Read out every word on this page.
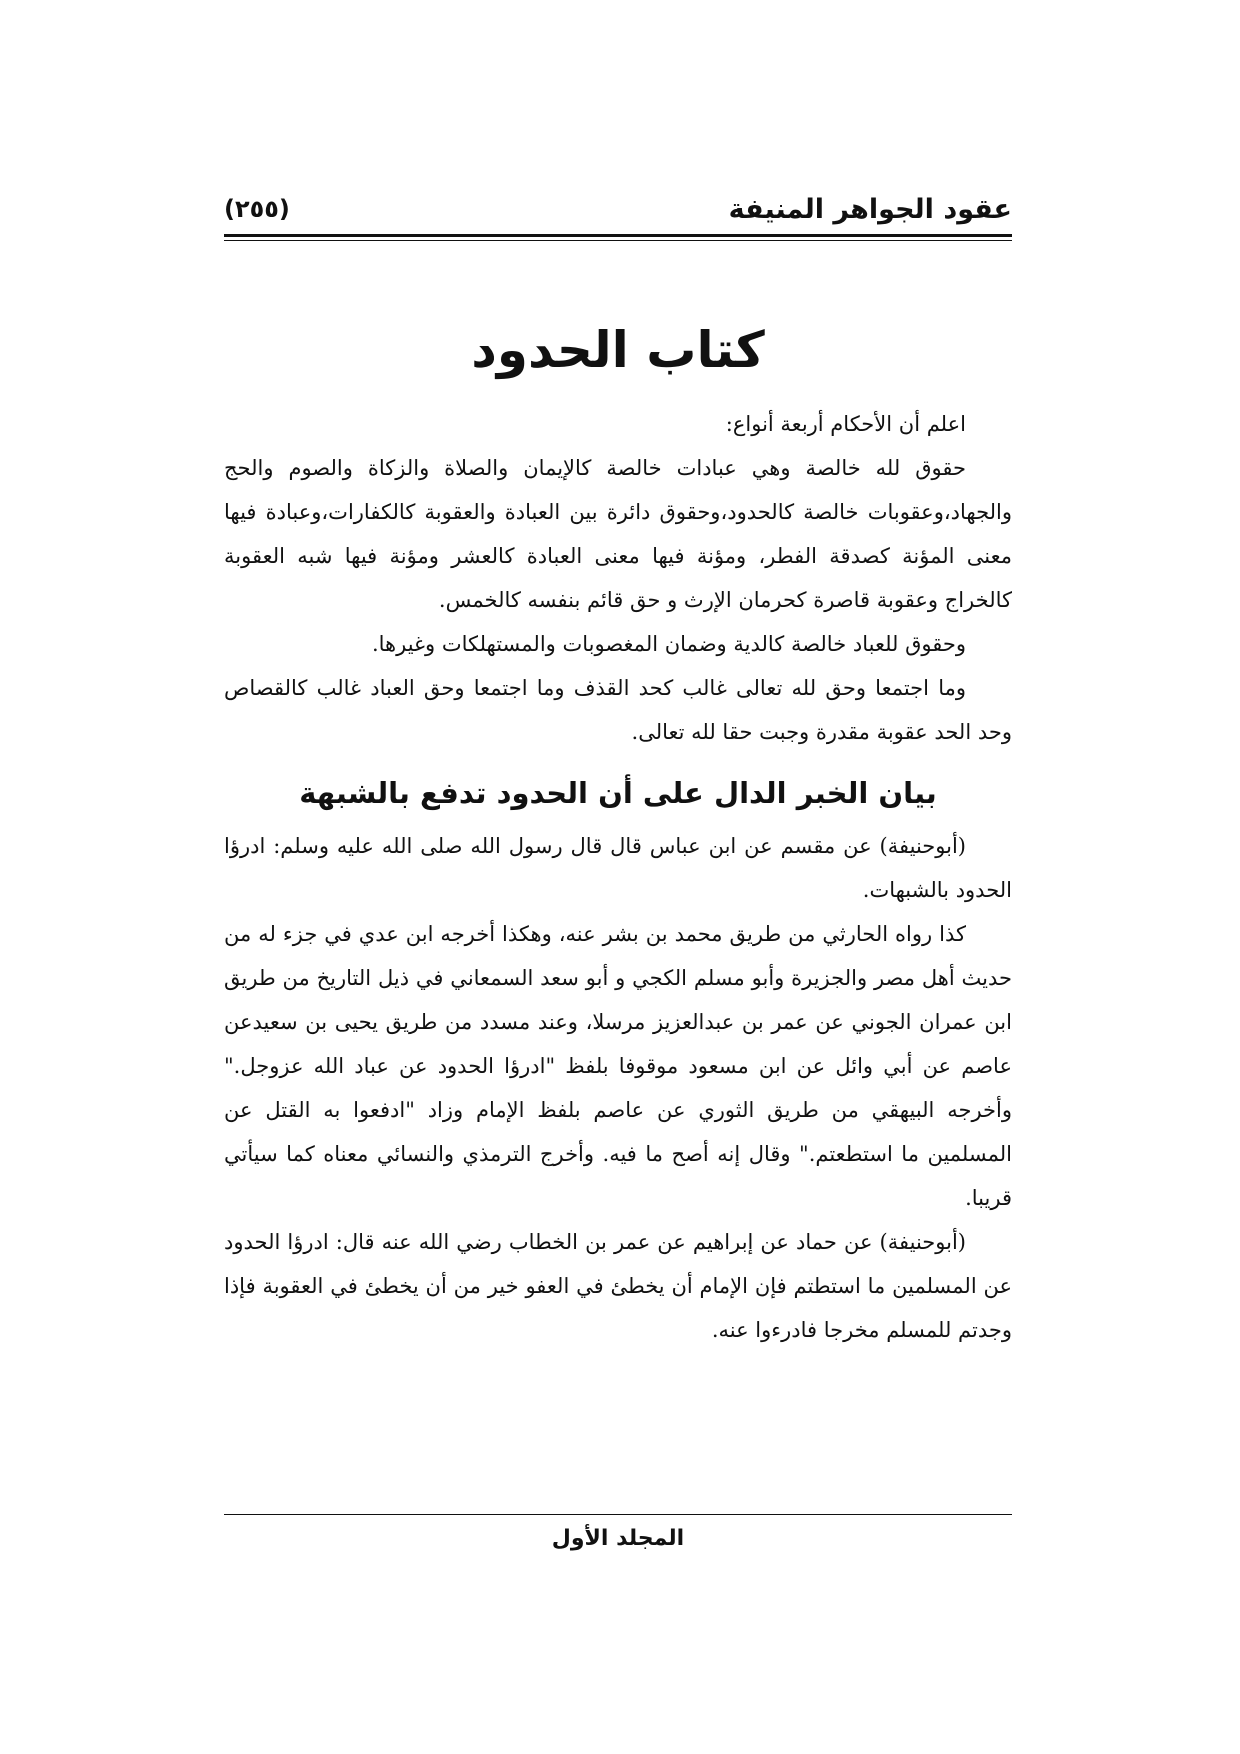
عقود الجواهر المنيفة
(٢٥٥)
كتاب الحدود

اعلم أن الأحكام أربعة أنواع:

حقوق لله خالصة وهي عبادات خالصة كالإيمان والصلاة والزكاة والصوم والحج والجهاد،وعقوبات خالصة كالحدود،وحقوق دائرة بين العبادة والعقوبة كالكفارات،وعبادة فيها معنى المؤنة كصدقة الفطر، ومؤنة فيها معنى العبادة كالعشر ومؤنة فيها شبه العقوبة كالخراج وعقوبة قاصرة كحرمان الإرث و حق قائم بنفسه كالخمس.

وحقوق للعباد خالصة كالدية وضمان المغصوبات والمستهلكات وغيرها.

وما اجتمعا وحق لله تعالى غالب كحد القذف وما اجتمعا وحق العباد غالب كالقصاص وحد الحد عقوبة مقدرة وجبت حقا لله تعالى.

بيان الخبر الدال على أن الحدود تدفع بالشبهة

(أبوحنيفة) عن مقسم عن ابن عباس قال قال رسول الله صلى الله عليه وسلم: ادرؤا الحدود بالشبهات.

كذا رواه الحارثي من طريق محمد بن بشر عنه، وهكذا أخرجه ابن عدي في جزء له من حديث أهل مصر والجزيرة وأبو مسلم الكجي و أبو سعد السمعاني في ذيل التاريخ من طريق ابن عمران الجوني عن عمر بن عبدالعزيز مرسلا، وعند مسدد من طريق يحيى بن سعيدعن عاصم عن أبي وائل عن ابن مسعود موقوفا بلفظ "ادرؤا الحدود عن عباد الله عزوجل." وأخرجه البيهقي من طريق الثوري عن عاصم بلفظ الإمام وزاد "ادفعوا به القتل عن المسلمين ما استطعتم." وقال إنه أصح ما فيه. وأخرج الترمذي والنسائي معناه كما سيأتي قريبا.

(أبوحنيفة) عن حماد عن إبراهيم عن عمر بن الخطاب رضي الله عنه قال: ادرؤا الحدود عن المسلمين ما استطتم فإن الإمام أن يخطئ في العفو خير من أن يخطئ في العقوبة فإذا وجدتم للمسلم مخرجا فادرءوا عنه.

المجلد الأول
